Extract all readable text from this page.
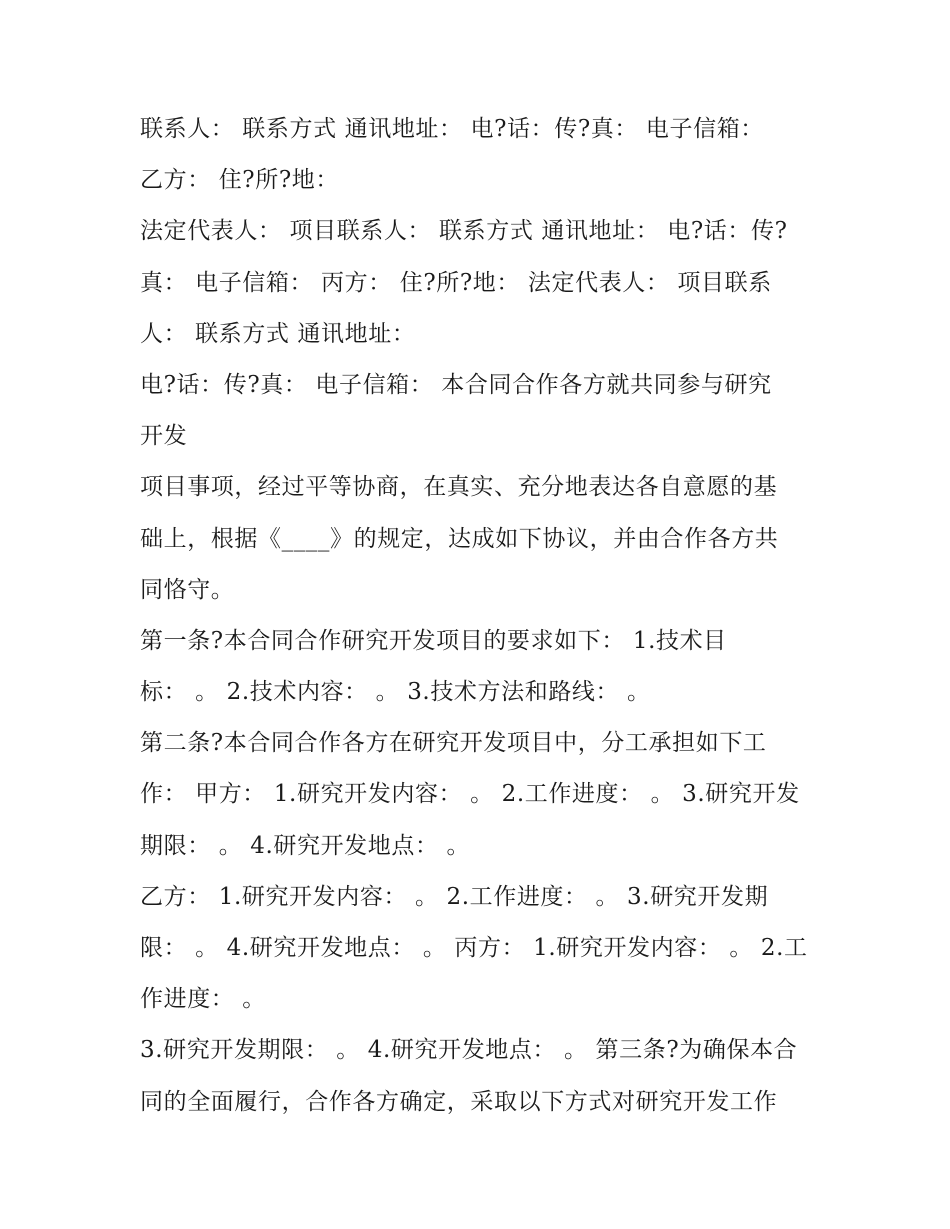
联系人： 联系方式 通讯地址： 电?话：传?真： 电子信箱：
乙方： 住?所?地：
法定代表人： 项目联系人： 联系方式 通讯地址： 电?话：传?
真： 电子信箱： 丙方： 住?所?地： 法定代表人： 项目联系
人： 联系方式 通讯地址：
电?话：传?真： 电子信箱： 本合同合作各方就共同参与研究
开发
项目事项，经过平等协商，在真实、充分地表达各自意愿的基
础上，根据《____》的规定，达成如下协议，并由合作各方共
同恪守。
第一条?本合同合作研究开发项目的要求如下： 1.技术目
标： 。 2.技术内容： 。 3.技术方法和路线： 。
第二条?本合同合作各方在研究开发项目中，分工承担如下工
作： 甲方： 1.研究开发内容： 。 2.工作进度： 。 3.研究开发
期限： 。 4.研究开发地点： 。
乙方： 1.研究开发内容： 。 2.工作进度： 。 3.研究开发期
限： 。 4.研究开发地点： 。 丙方： 1.研究开发内容： 。 2.工
作进度： 。
3.研究开发期限： 。 4.研究开发地点： 。 第三条?为确保本合
同的全面履行，合作各方确定，采取以下方式对研究开发工作
